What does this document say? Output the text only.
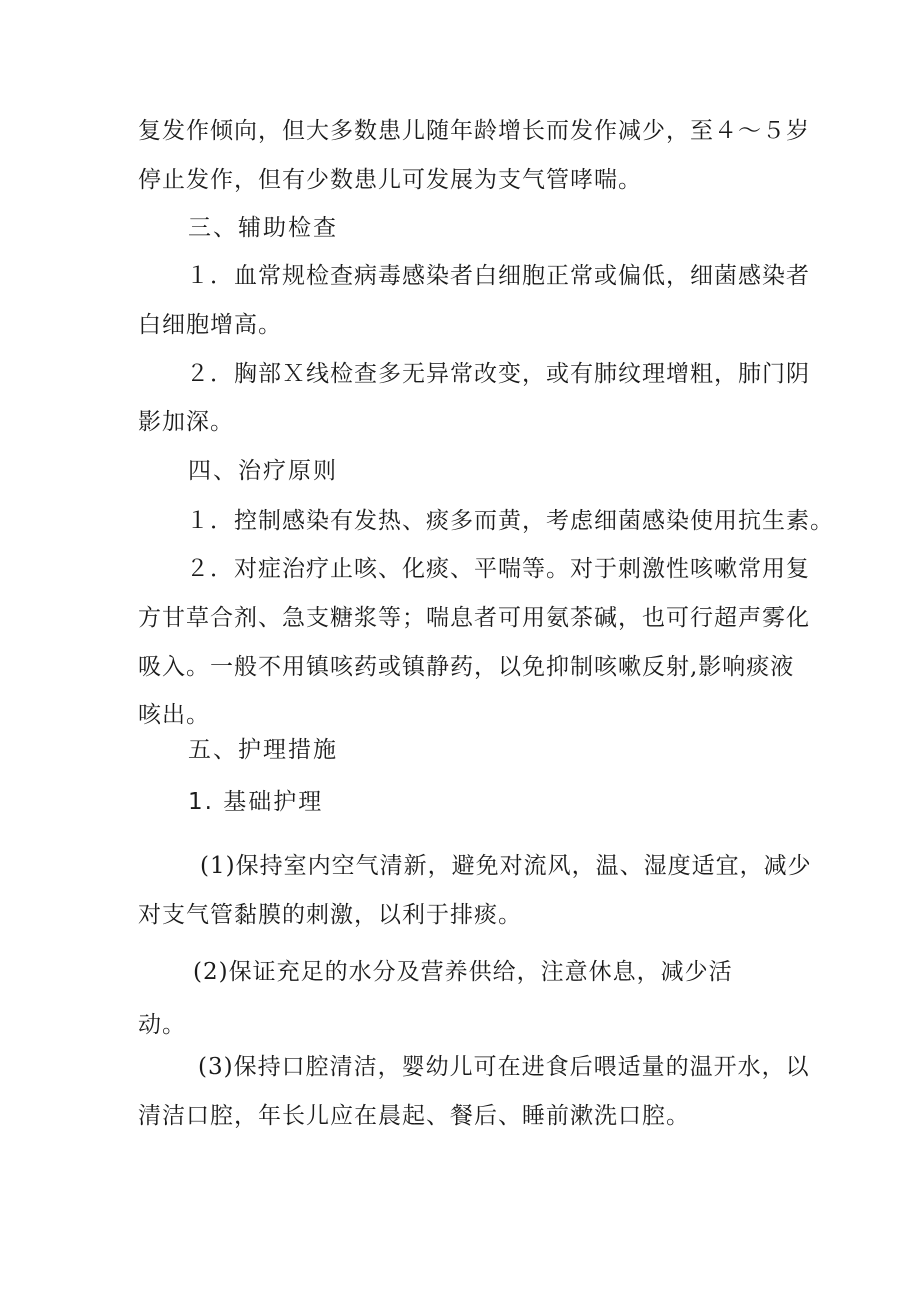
复发作倾向，但大多数患儿随年龄增长而发作减少，至４～５岁
停止发作，但有少数患儿可发展为支气管哮喘。
三、辅助检查
１．血常规检查病毒感染者白细胞正常或偏低，细菌感染者
白细胞增高。
２．胸部Ｘ线检查多无异常改变，或有肺纹理增粗，肺门阴
影加深。
四、治疗原则
１．控制感染有发热、痰多而黄，考虑细菌感染使用抗生素。
２．对症治疗止咳、化痰、平喘等。对于刺激性咳嗽常用复
方甘草合剂、急支糖浆等；喘息者可用氨茶碱，也可行超声雾化
吸入。一般不用镇咳药或镇静药，以免抑制咳嗽反射,影响痰液
咳出。
五、护理措施
1. 基础护理
(1)保持室内空气清新，避免对流风，温、湿度适宜，减少
对支气管黏膜的刺激，以利于排痰。
(2)保证充足的水分及营养供给，注意休息，减少活
动。
(3)保持口腔清洁，婴幼儿可在进食后喂适量的温开水，以
清洁口腔，年长儿应在晨起、餐后、睡前漱洗口腔。
